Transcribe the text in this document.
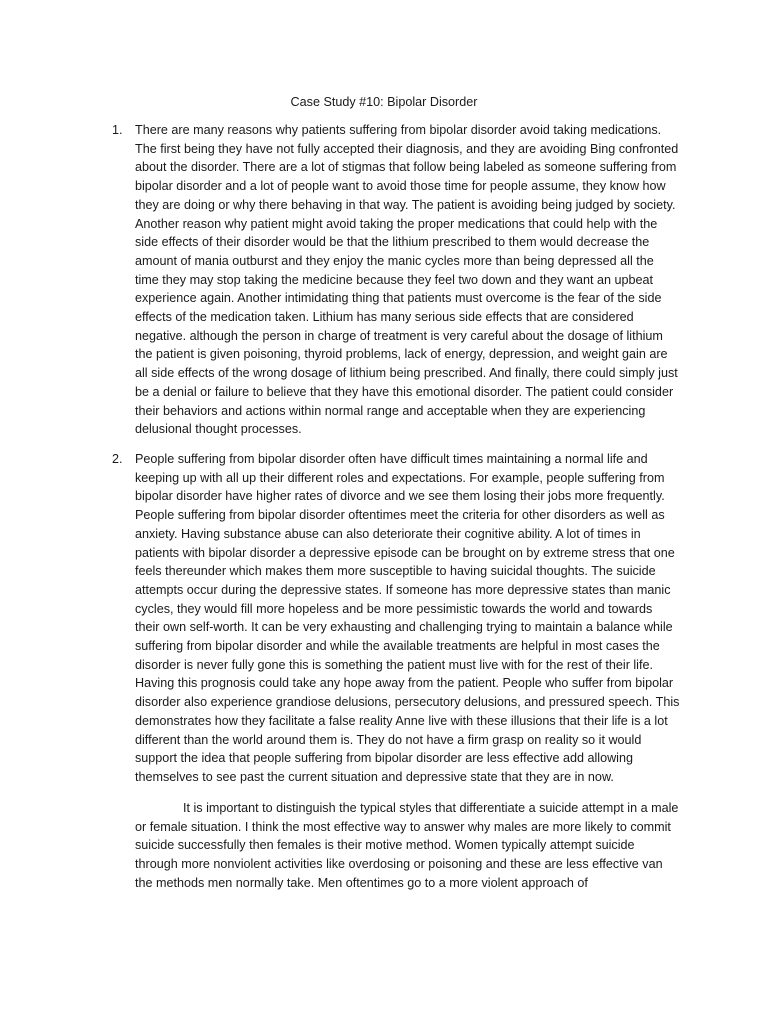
Case Study #10: Bipolar Disorder
1. There are many reasons why patients suffering from bipolar disorder avoid taking medications. The first being they have not fully accepted their diagnosis, and they are avoiding Bing confronted about the disorder. There are a lot of stigmas that follow being labeled as someone suffering from bipolar disorder and a lot of people want to avoid those time for people assume, they know how they are doing or why there behaving in that way. The patient is avoiding being judged by society. Another reason why patient might avoid taking the proper medications that could help with the side effects of their disorder would be that the lithium prescribed to them would decrease the amount of mania outburst and they enjoy the manic cycles more than being depressed all the time they may stop taking the medicine because they feel two down and they want an upbeat experience again. Another intimidating thing that patients must overcome is the fear of the side effects of the medication taken. Lithium has many serious side effects that are considered negative. although the person in charge of treatment is very careful about the dosage of lithium the patient is given poisoning, thyroid problems, lack of energy, depression, and weight gain are all side effects of the wrong dosage of lithium being prescribed. And finally, there could simply just be a denial or failure to believe that they have this emotional disorder. The patient could consider their behaviors and actions within normal range and acceptable when they are experiencing delusional thought processes.

2. People suffering from bipolar disorder often have difficult times maintaining a normal life and keeping up with all up their different roles and expectations. For example, people suffering from bipolar disorder have higher rates of divorce and we see them losing their jobs more frequently. People suffering from bipolar disorder oftentimes meet the criteria for other disorders as well as anxiety. Having substance abuse can also deteriorate their cognitive ability. A lot of times in patients with bipolar disorder a depressive episode can be brought on by extreme stress that one feels thereunder which makes them more susceptible to having suicidal thoughts. The suicide attempts occur during the depressive states. If someone has more depressive states than manic cycles, they would fill more hopeless and be more pessimistic towards the world and towards their own self-worth. It can be very exhausting and challenging trying to maintain a balance while suffering from bipolar disorder and while the available treatments are helpful in most cases the disorder is never fully gone this is something the patient must live with for the rest of their life. Having this prognosis could take any hope away from the patient. People who suffer from bipolar disorder also experience grandiose delusions, persecutory delusions, and pressured speech. This demonstrates how they facilitate a false reality Anne live with these illusions that their life is a lot different than the world around them is. They do not have a firm grasp on reality so it would support the idea that people suffering from bipolar disorder are less effective add allowing themselves to see past the current situation and depressive state that they are in now.

It is important to distinguish the typical styles that differentiate a suicide attempt in a male or female situation. I think the most effective way to answer why males are more likely to commit suicide successfully then females is their motive method. Women typically attempt suicide through more nonviolent activities like overdosing or poisoning and these are less effective van the methods men normally take. Men oftentimes go to a more violent approach of
